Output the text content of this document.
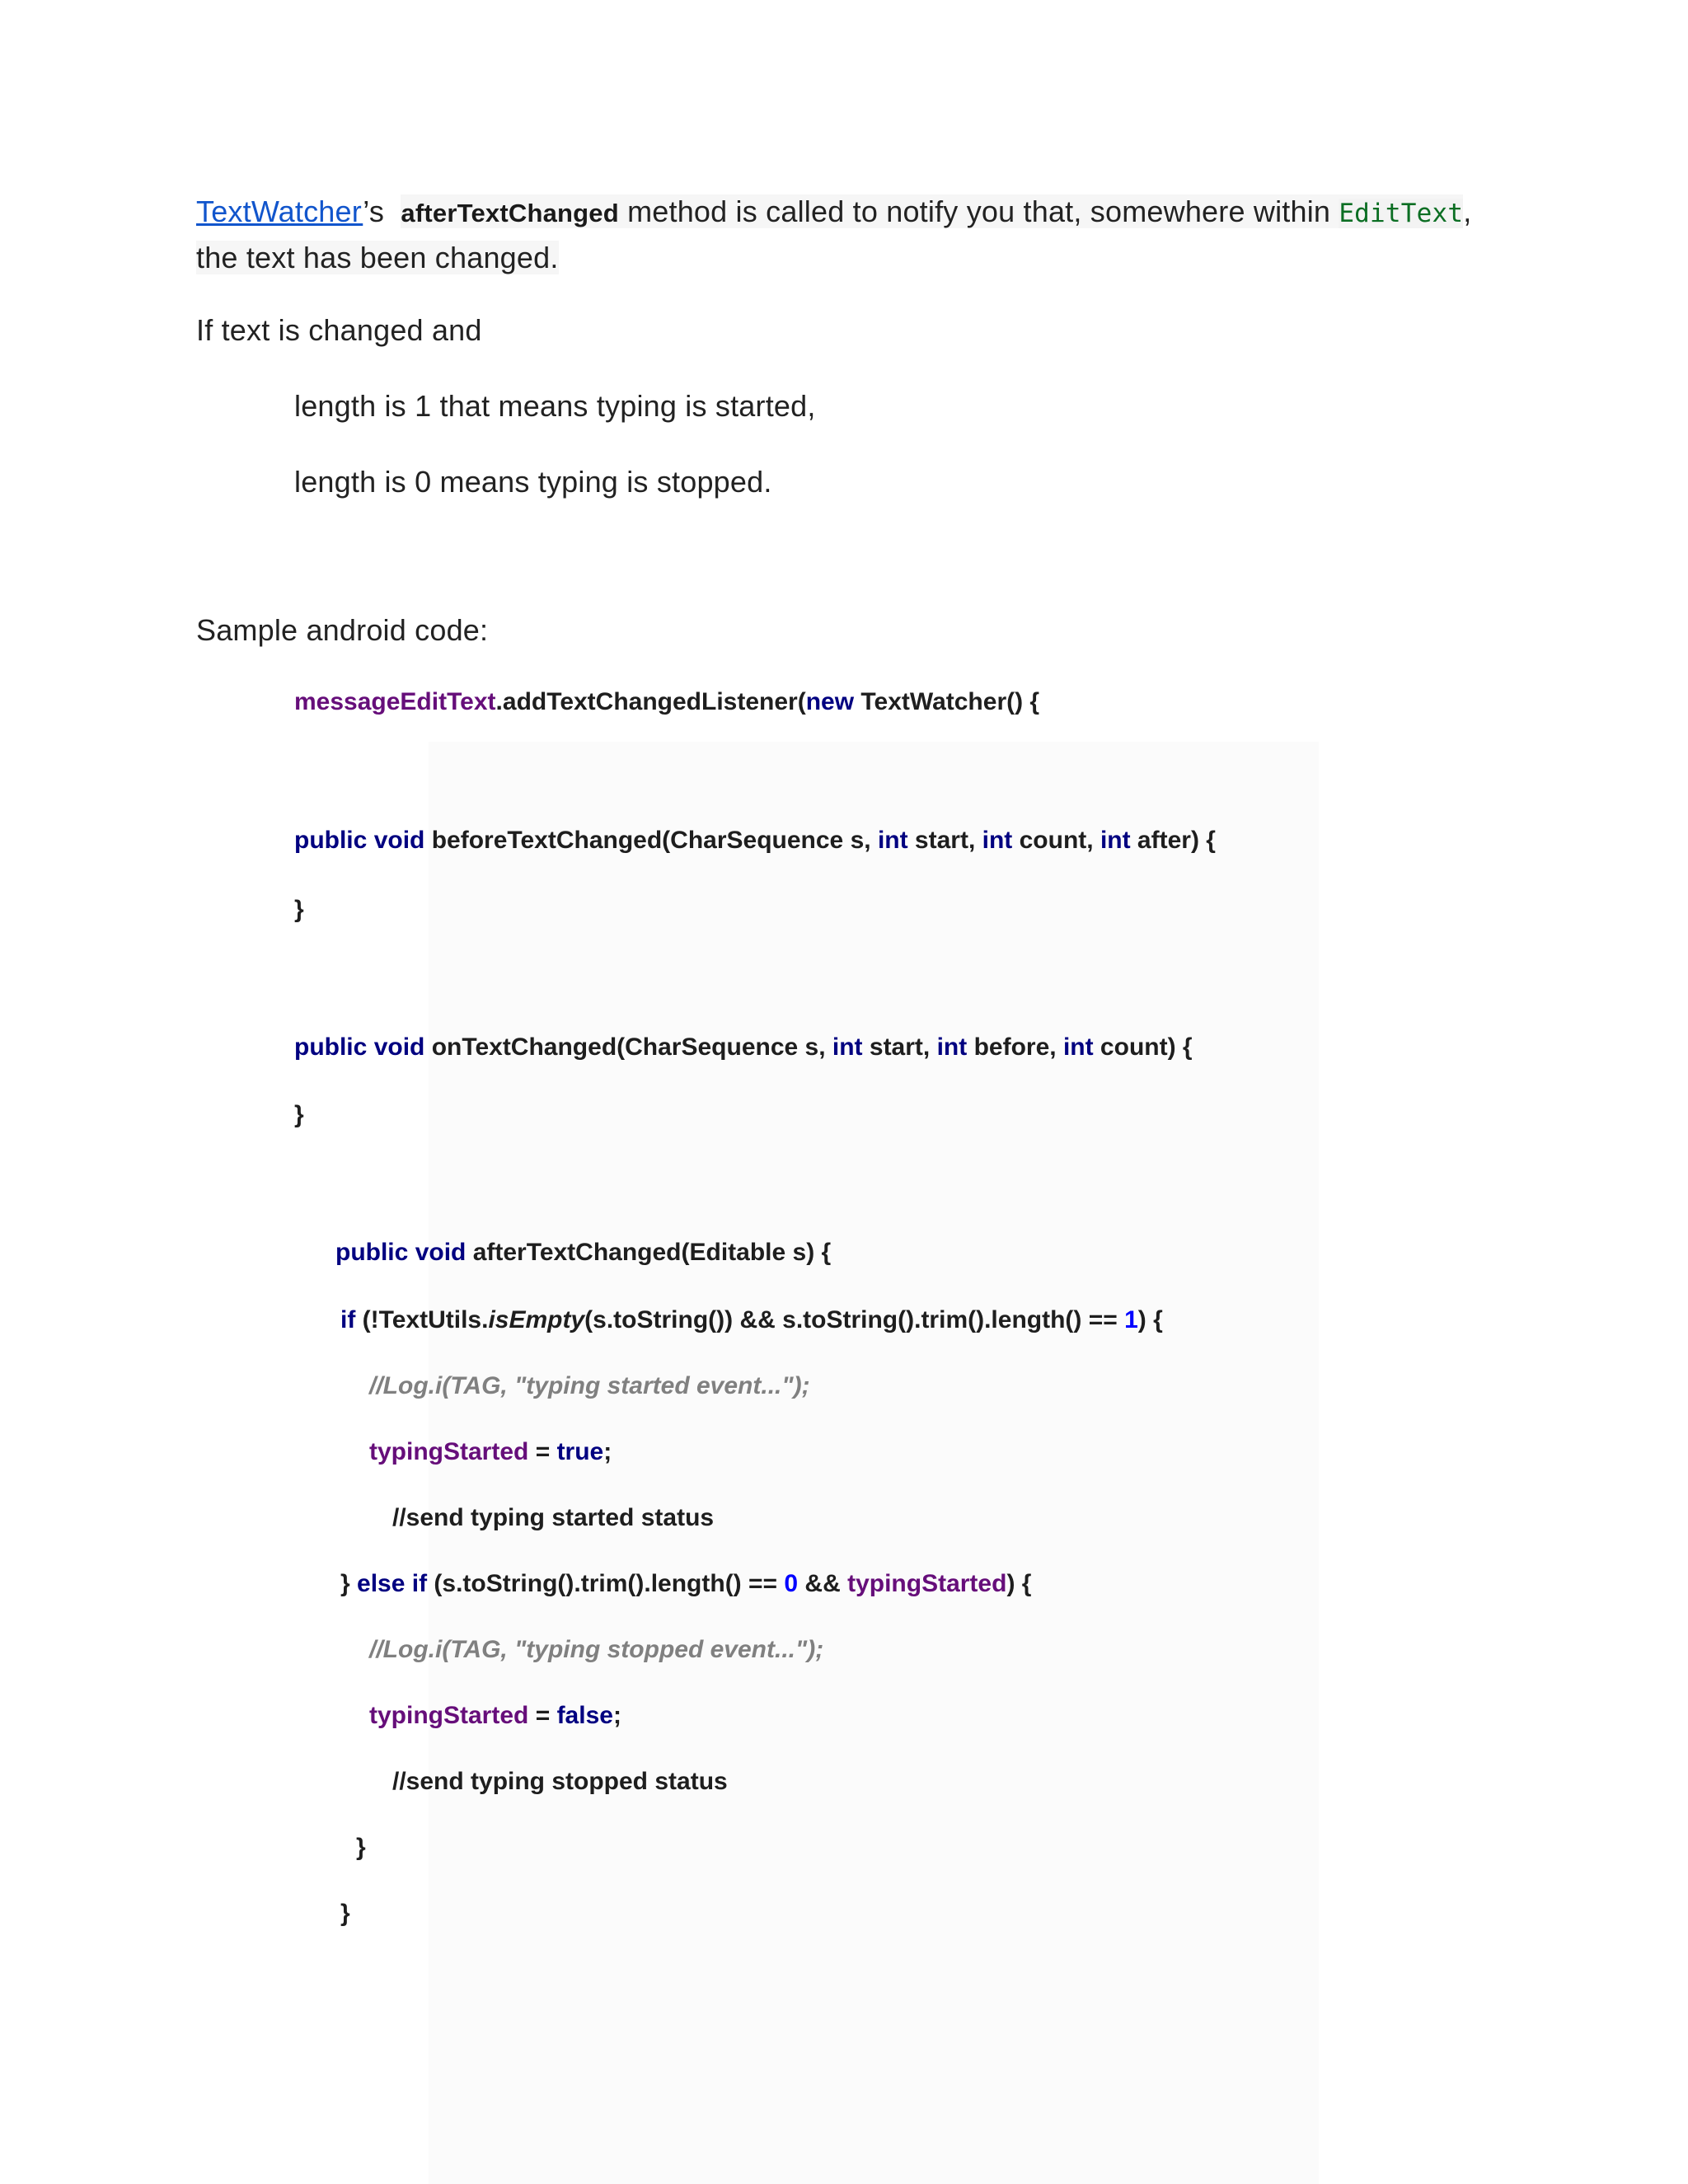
TextWatcher’s afterTextChanged method is called to notify you that, somewhere within EditText,
the text has been changed.
If text is changed and
length is 1 that means typing is started,
length is 0 means typing is stopped.
Sample android code:
messageEditText.addTextChangedListener(new TextWatcher() {
public void beforeTextChanged(CharSequence s, int start, int count, int after) {
}
public void onTextChanged(CharSequence s, int start, int before, int count) {
}
public void afterTextChanged(Editable s) {
if (!TextUtils.isEmpty(s.toString()) && s.toString().trim().length() == 1) {
//Log.i(TAG, "typing started event...");
typingStarted = true;
//send typing started status
} else if (s.toString().trim().length() == 0 && typingStarted) {
//Log.i(TAG, "typing stopped event...");
typingStarted = false;
//send typing stopped status
}
}
